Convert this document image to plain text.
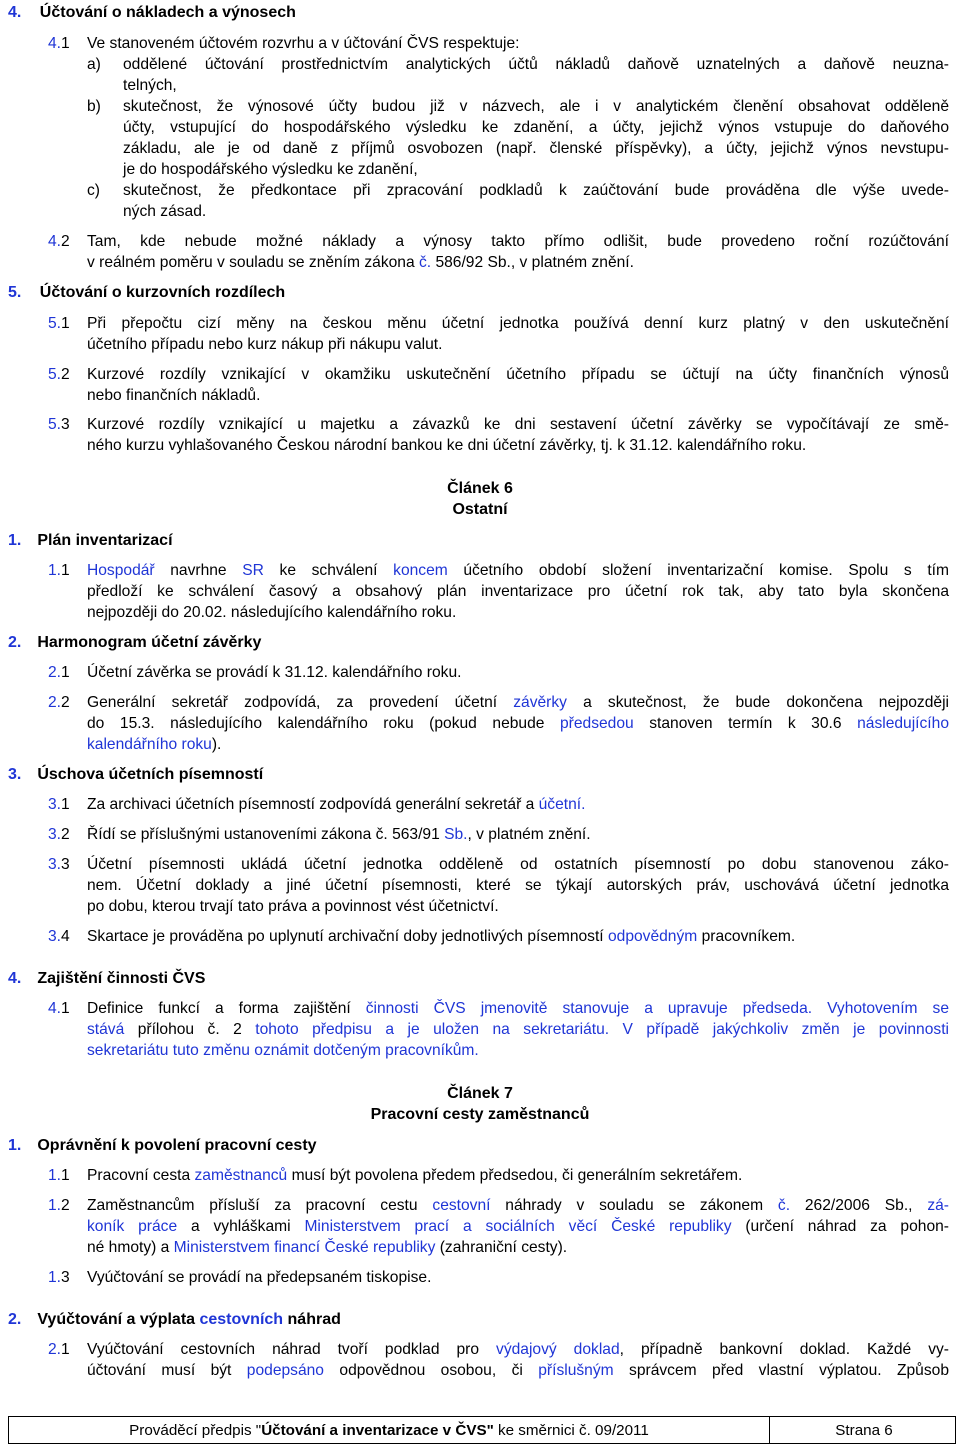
4. Účtování o nákladech a výnosech
4.1 Ve stanoveném účtovém rozvrhu a v účtování ČVS respektuje:
a) oddělené účtování prostřednictvím analytických účtů nákladů daňově uznatelných a daňově neuzna-
telných,
b) skutečnost, že výnosové účty budou již v názvech, ale i v analytickém členění obsahovat odděleně
účty, vstupující do hospodářského výsledku ke zdanění, a účty, jejichž výnos vstupuje do daňového
základu, ale je od daně z příjmů osvobozen (např. členské příspěvky), a účty, jejichž výnos nevstupu-
je do hospodářského výsledku ke zdanění,
c) skutečnost, že předkontace při zpracování podkladů k zaúčtování bude prováděna dle výše uvede-
ných zásad.
4.2 Tam, kde nebude možné náklady a výnosy takto přímo odlišit, bude provedeno roční rozúčtování
v reálném poměru v souladu se zněním zákona č. 586/92 Sb., v platném znění.
5. Účtování o kurzovních rozdílech
5.1 Při přepočtu cizí měny na českou měnu účetní jednotka používá denní kurz platný v den uskutečnění
účetního případu nebo kurz nákup při nákupu valut.
5.2 Kurzové rozdíly vznikající v okamžiku uskutečnění účetního případu se účtují na účty finančních výnosů
nebo finančních nákladů.
5.3 Kurzové rozdíly vznikající u majetku a závazků ke dni sestavení účetní závěrky se vypočítávají ze smě-
ného kurzu vyhlašovaného Českou národní bankou ke dni účetní závěrky, tj. k 31.12. kalendářního roku.
Článek 6
Ostatní
1. Plán inventarizací
1.1 Hospodář navrhne SR ke schválení koncem účetního období složení inventarizační komise. Spolu s tím
předloží ke schválení časový a obsahový plán inventarizace pro účetní rok tak, aby tato byla skončena
nejpozději do 20.02. následujícího kalendářního roku.
2. Harmonogram účetní závěrky
2.1 Účetní závěrka se provádí k 31.12. kalendářního roku.
2.2 Generální sekretář zodpovídá, za provedení účetní závěrky a skutečnost, že bude dokončena nejpozději
do 15.3. následujícího kalendářního roku (pokud nebude předsedou stanoven termín k 30.6 následujícího
kalendářního roku).
3. Úschova účetních písemností
3.1 Za archivaci účetních písemností zodpovídá generální sekretář a účetní.
3.2 Řídí se příslušnými ustanoveními zákona č. 563/91 Sb., v platném znění.
3.3 Účetní písemnosti ukládá účetní jednotka odděleně od ostatních písemností po dobu stanovenou záko-
nem. Účetní doklady a jiné účetní písemnosti, které se týkají autorských práv, uschovává účetní jednotka
po dobu, kterou trvají tato práva a povinnost vést účetnictví.
3.4 Skartace je prováděna po uplynutí archivační doby jednotlivých písemností odpovědným pracovníkem.
4. Zajištění činnosti ČVS
4.1 Definice funkcí a forma zajištění činnosti ČVS jmenovitě stanovuje a upravuje předseda. Vyhotovením se
stává přílohou č. 2 tohoto předpisu a je uložen na sekretariátu. V případě jakýchkoliv změn je povinnosti
sekretariátu tuto změnu oznámit dotčeným pracovníkům.
Článek 7
Pracovní cesty zaměstnanců
1. Oprávnění k povolení pracovní cesty
1.1 Pracovní cesta zaměstnanců musí být povolena předem předsedou, či generálním sekretářem.
1.2 Zaměstnancům přísluší za pracovní cestu cestovní náhrady v souladu se zákonem č. 262/2006 Sb., zá-
koník práce a vyhláškami Ministerstvem prací a sociálních věcí České republiky (určení náhrad za pohon-
né hmoty) a Ministerstvem financí České republiky (zahraniční cesty).
1.3 Vyúčtování se provádí na předepsaném tiskopise.
2. Vyúčtování a výplata cestovních náhrad
2.1 Vyúčtování cestovních náhrad tvoří podklad pro výdajový doklad, případně bankovní doklad. Každé vy-
účtování musí být podepsáno odpovědnou osobou, či příslušným správcem před vlastní výplatou. Způsob
Prováděcí předpis "Účtování a inventarizace v ČVS" ke směrnici č. 09/2011	Strana 6
